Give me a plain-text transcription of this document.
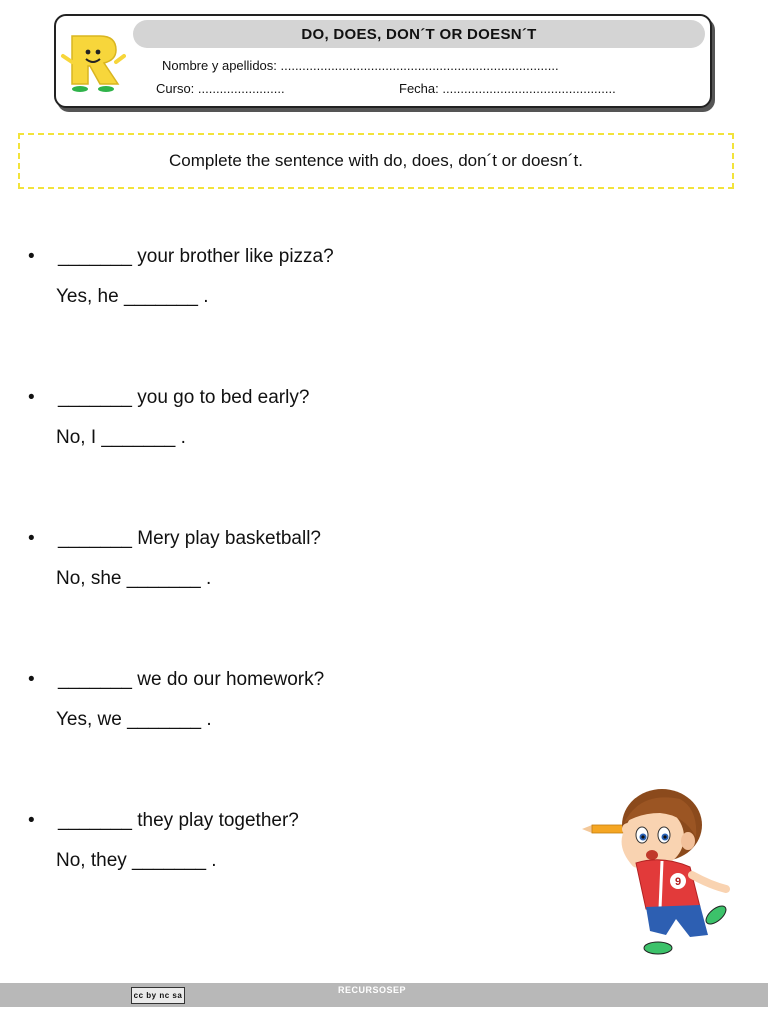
DO, DOES, DON´T OR DOESN´T
Nombre y apellidos: .............................................................................
Curso: ........................	Fecha: ................................................
Complete the sentence with do, does, don´t or doesn´t.
• _______ your brother like pizza?
Yes, he _______ .
• _______ you go to bed early?
No, I _______ .
• _______ Mery play basketball?
No, she _______ .
• _______ we do our homework?
Yes, we _______ .
• _______ they play together?
No, they _______ .
9
cc by nc sa
RECURSOSEP
